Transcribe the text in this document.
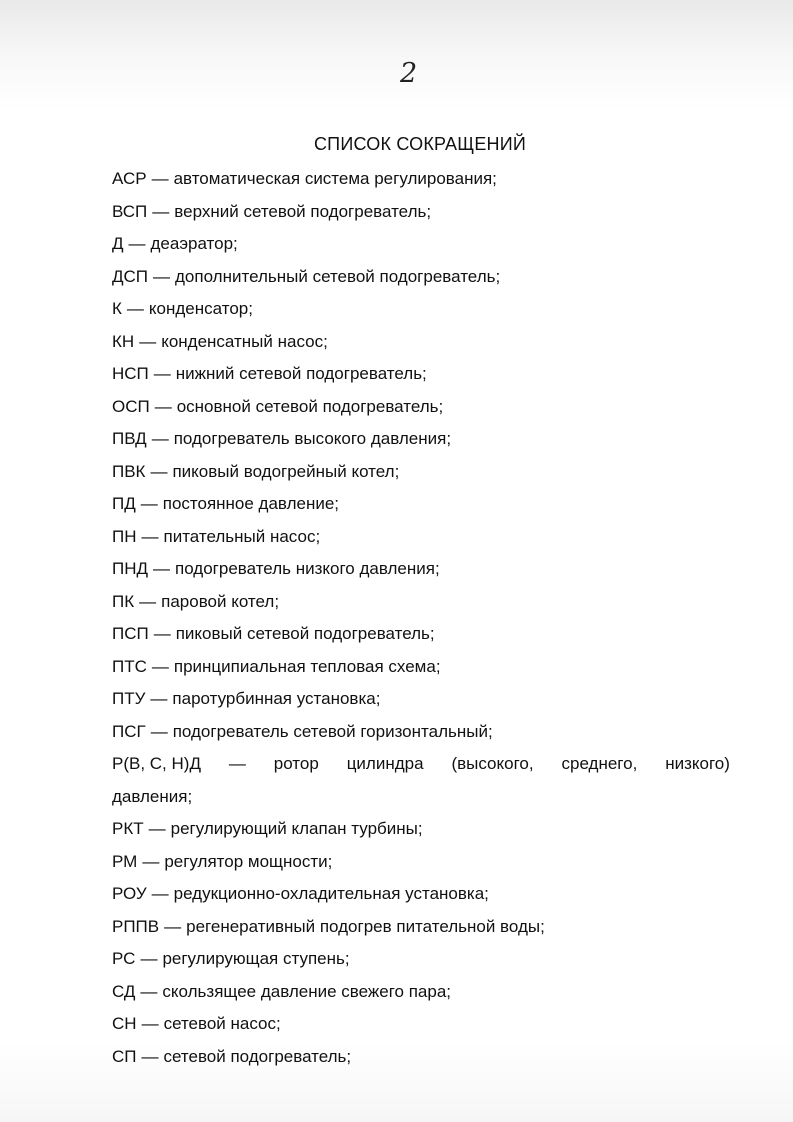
2
СПИСОК СОКРАЩЕНИЙ
АСР — автоматическая система регулирования;
ВСП — верхний сетевой подогреватель;
Д — деаэратор;
ДСП — дополнительный сетевой подогреватель;
К — конденсатор;
КН — конденсатный насос;
НСП — нижний сетевой подогреватель;
ОСП — основной сетевой подогреватель;
ПВД — подогреватель высокого давления;
ПВК — пиковый водогрейный котел;
ПД — постоянное давление;
ПН — питательный насос;
ПНД — подогреватель низкого давления;
ПК — паровой котел;
ПСП — пиковый сетевой подогреватель;
ПТС — принципиальная тепловая схема;
ПТУ — паротурбинная установка;
ПСГ — подогреватель сетевой горизонтальный;
Р(В, С, Н)Д — ротор цилиндра (высокого, среднего, низкого)
давления;
РКТ — регулирующий клапан турбины;
РМ — регулятор мощности;
РОУ — редукционно-охладительная установка;
РППВ — регенеративный подогрев питательной воды;
РС — регулирующая ступень;
СД — скользящее давление свежего пара;
СН — сетевой насос;
СП — сетевой подогреватель;
